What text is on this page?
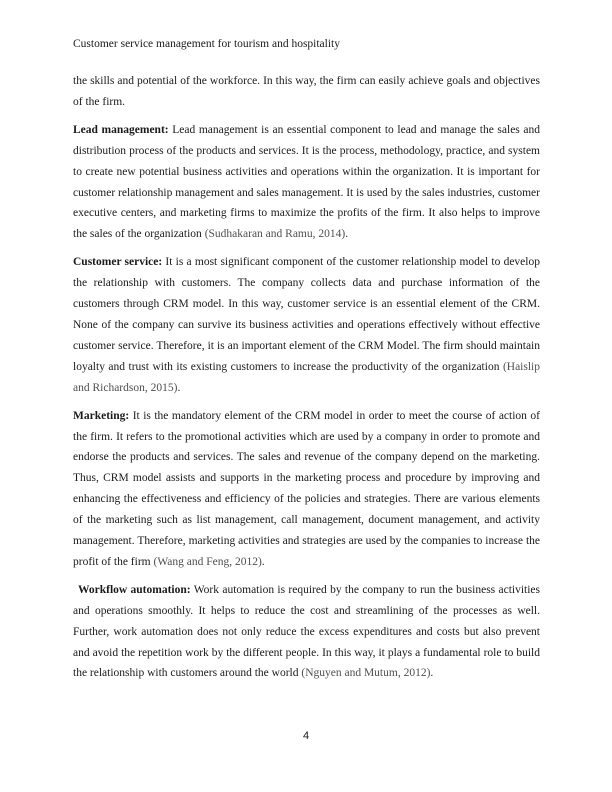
Customer service management for tourism and hospitality

the skills and potential of the workforce. In this way, the firm can easily achieve goals and objectives of the firm.

Lead management: Lead management is an essential component to lead and manage the sales and distribution process of the products and services. It is the process, methodology, practice, and system to create new potential business activities and operations within the organization. It is important for customer relationship management and sales management. It is used by the sales industries, customer executive centers, and marketing firms to maximize the profits of the firm. It also helps to improve the sales of the organization (Sudhakaran and Ramu, 2014).

Customer service: It is a most significant component of the customer relationship model to develop the relationship with customers. The company collects data and purchase information of the customers through CRM model. In this way, customer service is an essential element of the CRM. None of the company can survive its business activities and operations effectively without effective customer service. Therefore, it is an important element of the CRM Model. The firm should maintain loyalty and trust with its existing customers to increase the productivity of the organization (Haislip and Richardson, 2015).

Marketing: It is the mandatory element of the CRM model in order to meet the course of action of the firm. It refers to the promotional activities which are used by a company in order to promote and endorse the products and services. The sales and revenue of the company depend on the marketing. Thus, CRM model assists and supports in the marketing process and procedure by improving and enhancing the effectiveness and efficiency of the policies and strategies. There are various elements of the marketing such as list management, call management, document management, and activity management. Therefore, marketing activities and strategies are used by the companies to increase the profit of the firm (Wang and Feng, 2012).

Workflow automation: Work automation is required by the company to run the business activities and operations smoothly. It helps to reduce the cost and streamlining of the processes as well. Further, work automation does not only reduce the excess expenditures and costs but also prevent and avoid the repetition work by the different people. In this way, it plays a fundamental role to build the relationship with customers around the world (Nguyen and Mutum, 2012).

4
